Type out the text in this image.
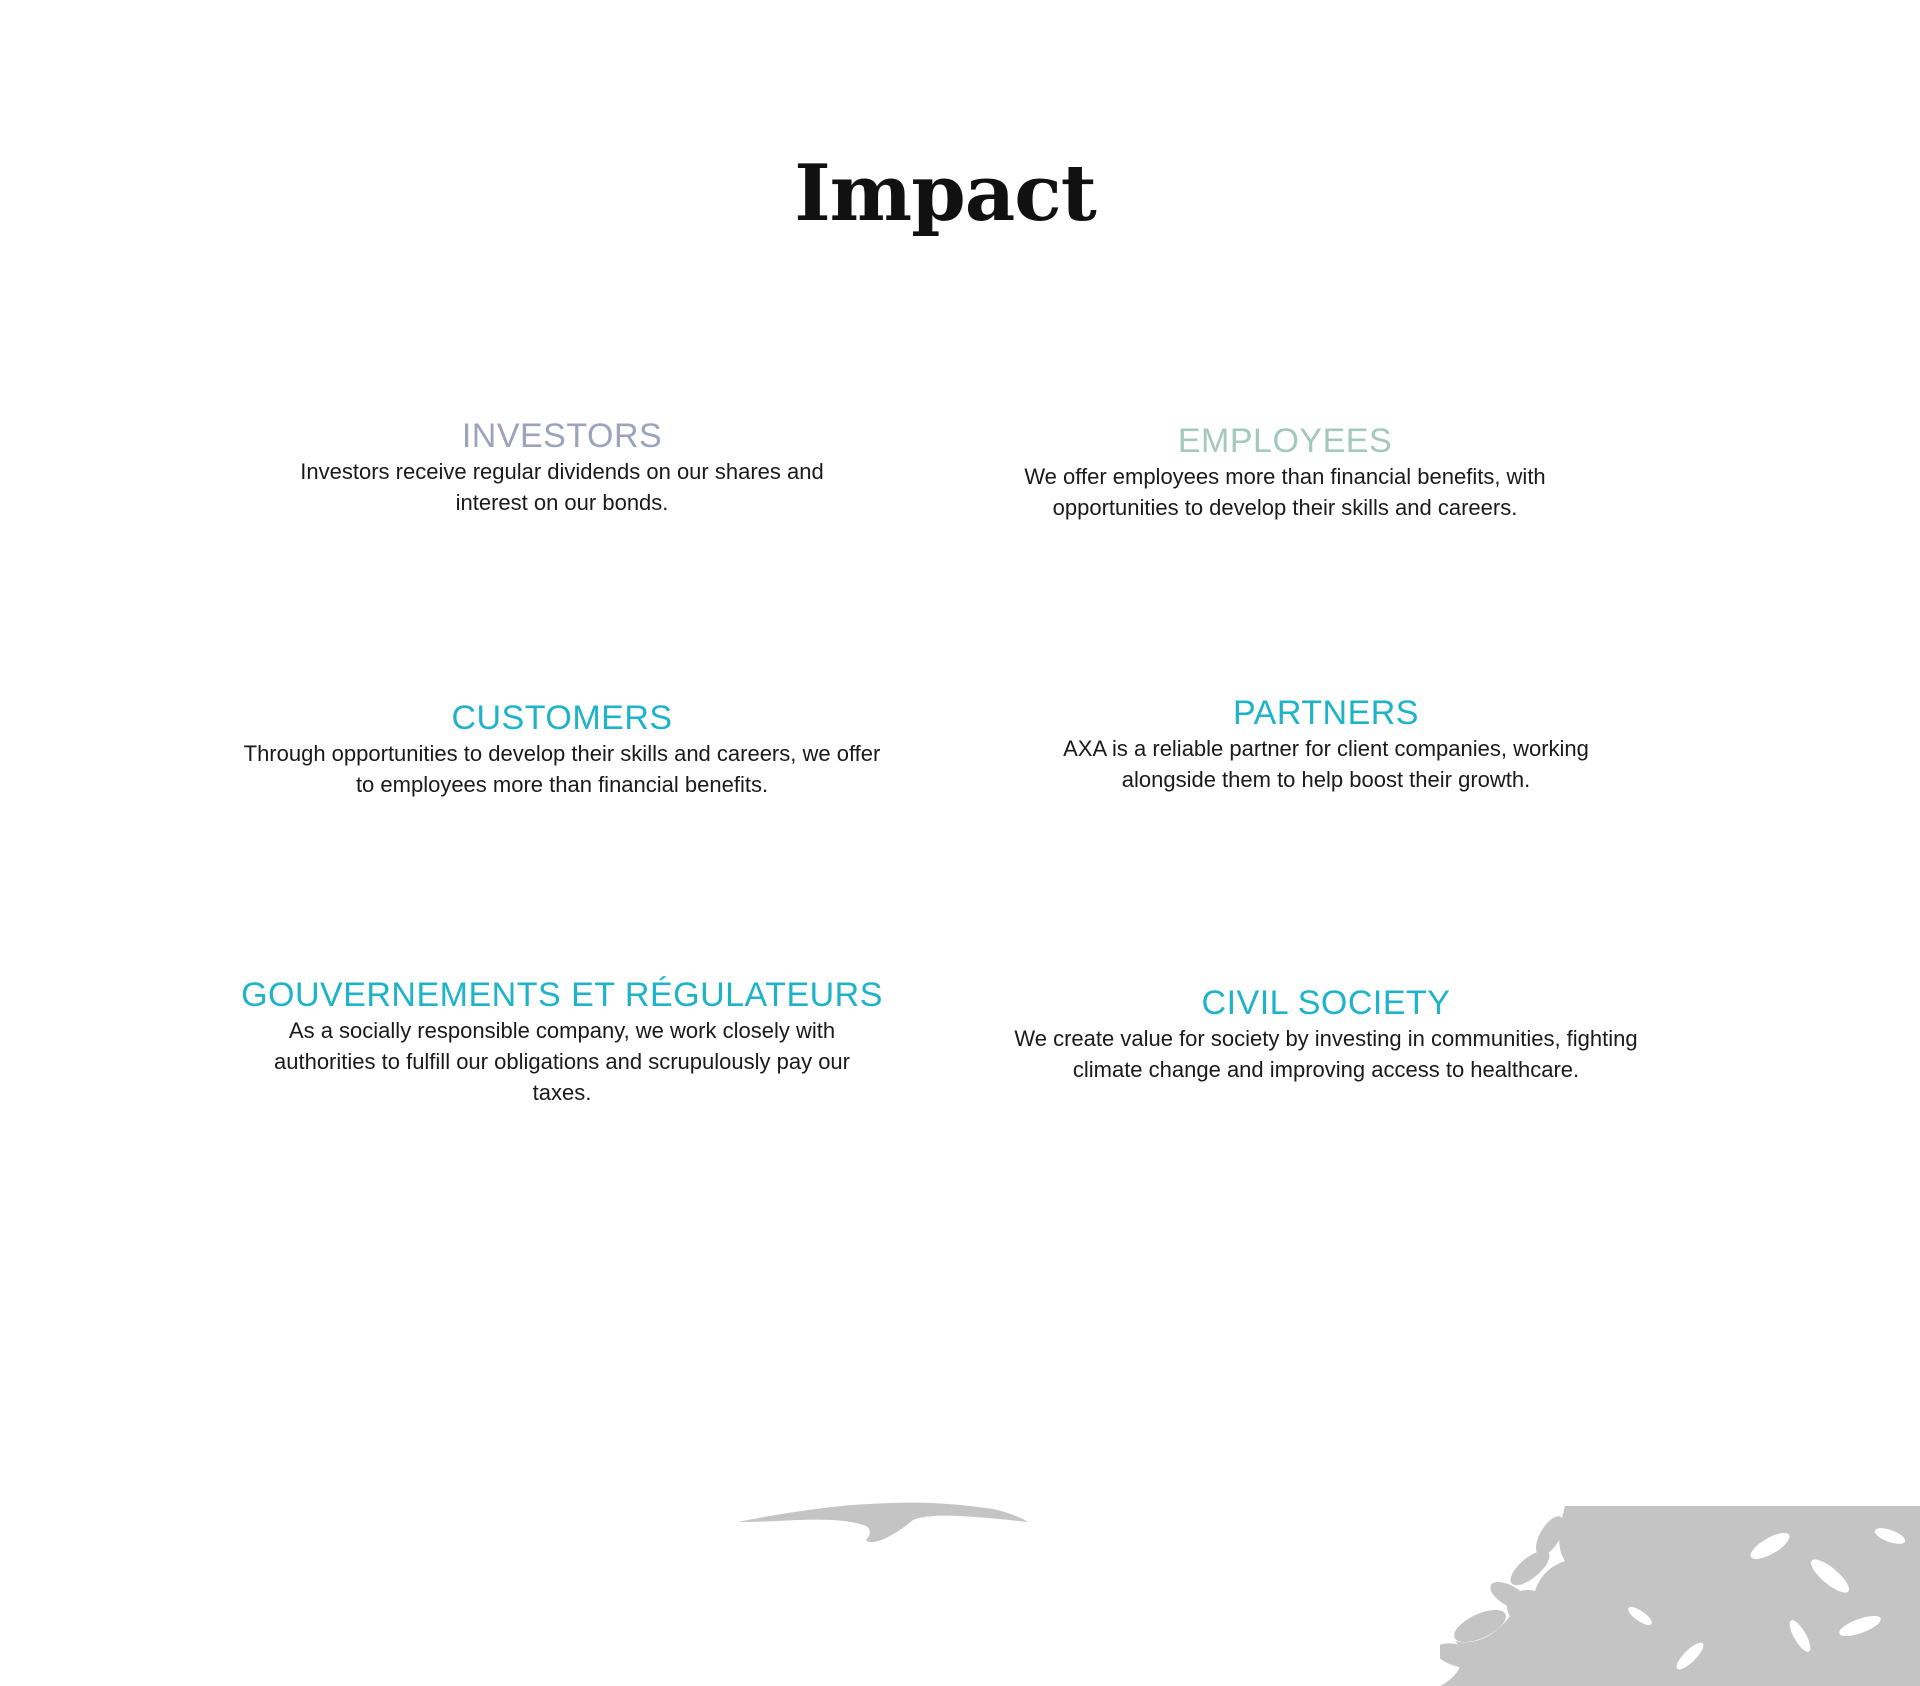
Impact
INVESTORS

Investors receive regular dividends on our shares and interest on our bonds.

EMPLOYEES

We offer employees more than financial benefits, with opportunities to develop their skills and careers.

CUSTOMERS

Through opportunities to develop their skills and careers, we offer to employees more than financial benefits.

PARTNERS

AXA is a reliable partner for client companies, working alongside them to help boost their growth.

GOUVERNEMENTS ET RÉGULATEURS

As a socially responsible company, we work closely with authorities to fulfill our obligations and scrupulously pay our taxes.

CIVIL SOCIETY

We create value for society by investing in communities, fighting climate change and improving access to healthcare.
